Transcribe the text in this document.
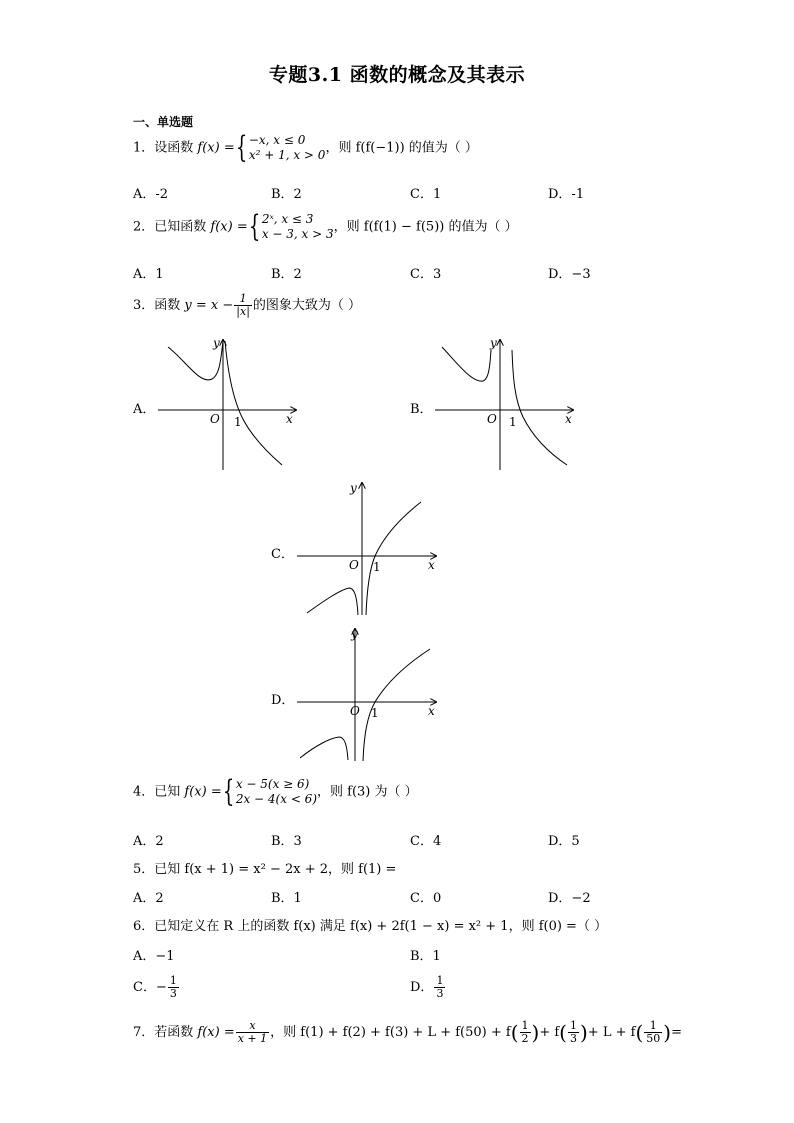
专题3.1 函数的概念及其表示
一、单选题
1．设函数 f(x) ={ −x, x ≤ 0
x² + 1, x > 0 ，则 f(f(−1)) 的值为（ ）
A．-2	B．2	C．1	D．-1
2．已知函数 f(x) ={ 2ˣ, x ≤ 3
x − 3, x > 3 ，则 f(f(1) − f(5)) 的值为（ ）
A．1	B．2	C．3	D．−3
3．函数 $y = x - \frac{1}{|x|}$ 的图象大致为（ ）
A．	B．
C．
D．
y
x
O 1
y
x
O 1
y
x
O 1
y
x
O 1
4．已知 f(x) ={ x − 5(x ≥ 6)
2x − 4(x < 6) ，则 f(3) 为（ ）
A．2	B．3	C．4	D．5
5．已知 f(x + 1) = x² − 2x + 2，则 f(1) =
A．2	B．1	C．0	D．−2
6．已知定义在 R 上的函数 f(x) 满足 f(x) + 2f(1 − x) = x² + 1，则 f(0) =（ ）
A．−1	B．1
C．− $\frac{1}{3}$	D． $\frac{1}{3}$
7．若函数 $f(x) = \frac{x}{x + 1}$ ，则 $f(1) + f(2) + f(3) + L + f(50) + f( \frac{1}{2}$ )+ $f( \frac{1}{3}$ )+ $L + f( \frac{1}{50}$ )=
